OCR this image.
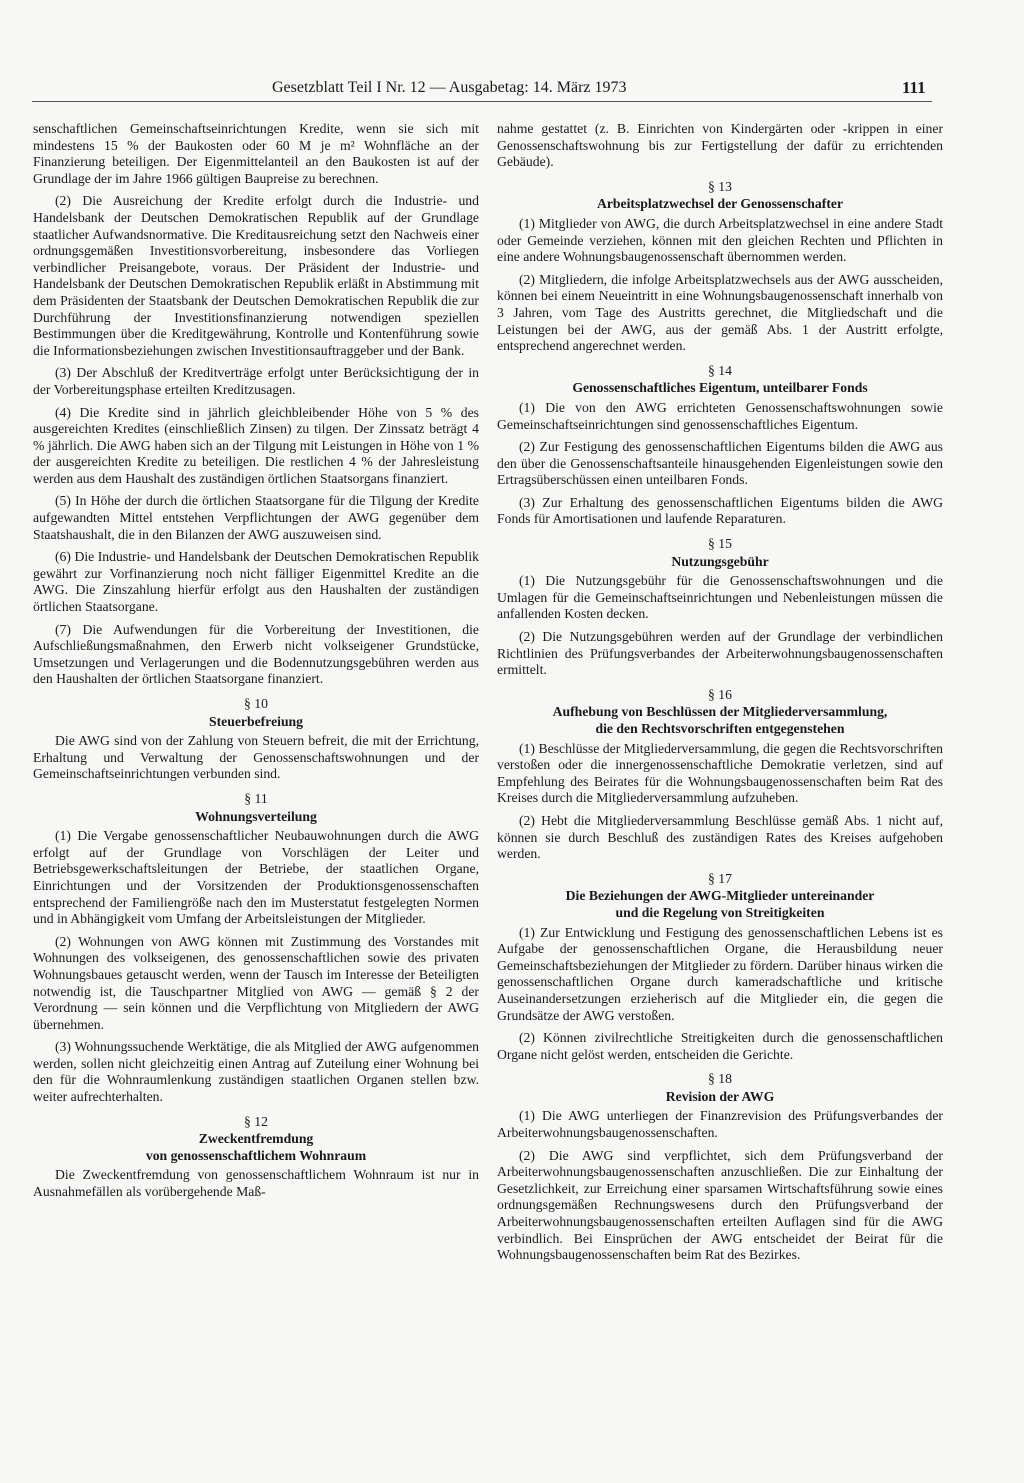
Gesetzblatt Teil I Nr. 12 — Ausgabetag: 14. März 1973	111

senschaftlichen Gemeinschaftseinrichtungen Kredite, wenn sie sich mit mindestens 15 % der Baukosten oder 60 M je m² Wohnfläche an der Finanzierung beteiligen. Der Eigenmittelanteil an den Baukosten ist auf der Grundlage der im Jahre 1966 gültigen Baupreise zu berechnen.

(2) Die Ausreichung der Kredite erfolgt durch die Industrie- und Handelsbank der Deutschen Demokratischen Republik auf der Grundlage staatlicher Aufwandsnormative. Die Kreditausreichung setzt den Nachweis einer ordnungsgemäßen Investitionsvorbereitung, insbesondere das Vorliegen verbindlicher Preisangebote, voraus. Der Präsident der Industrie- und Handelsbank der Deutschen Demokratischen Republik erläßt in Abstimmung mit dem Präsidenten der Staatsbank der Deutschen Demokratischen Republik die zur Durchführung der Investitionsfinanzierung notwendigen speziellen Bestimmungen über die Kreditgewährung, Kontrolle und Kontenführung sowie die Informationsbeziehungen zwischen Investitionsauftraggeber und der Bank.

(3) Der Abschluß der Kreditverträge erfolgt unter Berücksichtigung der in der Vorbereitungsphase erteilten Kreditzusagen.

(4) Die Kredite sind in jährlich gleichbleibender Höhe von 5 % des ausgereichten Kredites (einschließlich Zinsen) zu tilgen. Der Zinssatz beträgt 4 % jährlich. Die AWG haben sich an der Tilgung mit Leistungen in Höhe von 1 % der ausgereichten Kredite zu beteiligen. Die restlichen 4 % der Jahresleistung werden aus dem Haushalt des zuständigen örtlichen Staatsorgans finanziert.

(5) In Höhe der durch die örtlichen Staatsorgane für die Tilgung der Kredite aufgewandten Mittel entstehen Verpflichtungen der AWG gegenüber dem Staatshaushalt, die in den Bilanzen der AWG auszuweisen sind.

(6) Die Industrie- und Handelsbank der Deutschen Demokratischen Republik gewährt zur Vorfinanzierung noch nicht fälliger Eigenmittel Kredite an die AWG. Die Zinszahlung hierfür erfolgt aus den Haushalten der zuständigen örtlichen Staatsorgane.

(7) Die Aufwendungen für die Vorbereitung der Investitionen, die Aufschließungsmaßnahmen, den Erwerb nicht volkseigener Grundstücke, Umsetzungen und Verlagerungen und die Bodennutzungsgebühren werden aus den Haushalten der örtlichen Staatsorgane finanziert.

§ 10
Steuerbefreiung

Die AWG sind von der Zahlung von Steuern befreit, die mit der Errichtung, Erhaltung und Verwaltung der Genossenschaftswohnungen und der Gemeinschaftseinrichtungen verbunden sind.

§ 11
Wohnungsverteilung

(1) Die Vergabe genossenschaftlicher Neubauwohnungen durch die AWG erfolgt auf der Grundlage von Vorschlägen der Leiter und Betriebsgewerkschaftsleitungen der Betriebe, der staatlichen Organe, Einrichtungen und der Vorsitzenden der Produktionsgenossenschaften entsprechend der Familiengröße nach den im Musterstatut festgelegten Normen und in Abhängigkeit vom Umfang der Arbeitsleistungen der Mitglieder.

(2) Wohnungen von AWG können mit Zustimmung des Vorstandes mit Wohnungen des volkseigenen, des genossenschaftlichen sowie des privaten Wohnungsbaues getauscht werden, wenn der Tausch im Interesse der Beteiligten notwendig ist, die Tauschpartner Mitglied von AWG — gemäß § 2 der Verordnung — sein können und die Verpflichtung von Mitgliedern der AWG übernehmen.

(3) Wohnungssuchende Werktätige, die als Mitglied der AWG aufgenommen werden, sollen nicht gleichzeitig einen Antrag auf Zuteilung einer Wohnung bei den für die Wohnraumlenkung zuständigen staatlichen Organen stellen bzw. weiter aufrechterhalten.

§ 12
Zweckentfremdung
von genossenschaftlichem Wohnraum

Die Zweckentfremdung von genossenschaftlichem Wohnraum ist nur in Ausnahmefällen als vorübergehende Maß-

nahme gestattet (z. B. Einrichten von Kindergärten oder -krippen in einer Genossenschaftswohnung bis zur Fertigstellung der dafür zu errichtenden Gebäude).

§ 13
Arbeitsplatzwechsel der Genossenschafter

(1) Mitglieder von AWG, die durch Arbeitsplatzwechsel in eine andere Stadt oder Gemeinde verziehen, können mit den gleichen Rechten und Pflichten in eine andere Wohnungsbaugenossenschaft übernommen werden.

(2) Mitgliedern, die infolge Arbeitsplatzwechsels aus der AWG ausscheiden, können bei einem Neueintritt in eine Wohnungsbaugenossenschaft innerhalb von 3 Jahren, vom Tage des Austritts gerechnet, die Mitgliedschaft und die Leistungen bei der AWG, aus der gemäß Abs. 1 der Austritt erfolgte, entsprechend angerechnet werden.

§ 14
Genossenschaftliches Eigentum, unteilbarer Fonds

(1) Die von den AWG errichteten Genossenschaftswohnungen sowie Gemeinschaftseinrichtungen sind genossenschaftliches Eigentum.

(2) Zur Festigung des genossenschaftlichen Eigentums bilden die AWG aus den über die Genossenschaftsanteile hinausgehenden Eigenleistungen sowie den Ertragsüberschüssen einen unteilbaren Fonds.

(3) Zur Erhaltung des genossenschaftlichen Eigentums bilden die AWG Fonds für Amortisationen und laufende Reparaturen.

§ 15
Nutzungsgebühr

(1) Die Nutzungsgebühr für die Genossenschaftswohnungen und die Umlagen für die Gemeinschaftseinrichtungen und Nebenleistungen müssen die anfallenden Kosten decken.

(2) Die Nutzungsgebühren werden auf der Grundlage der verbindlichen Richtlinien des Prüfungsverbandes der Arbeiterwohnungsbaugenossenschaften ermittelt.

§ 16
Aufhebung von Beschlüssen der Mitgliederversammlung,
die den Rechtsvorschriften entgegenstehen

(1) Beschlüsse der Mitgliederversammlung, die gegen die Rechtsvorschriften verstoßen oder die innergenossenschaftliche Demokratie verletzen, sind auf Empfehlung des Beirates für die Wohnungsbaugenossenschaften beim Rat des Kreises durch die Mitgliederversammlung aufzuheben.

(2) Hebt die Mitgliederversammlung Beschlüsse gemäß Abs. 1 nicht auf, können sie durch Beschluß des zuständigen Rates des Kreises aufgehoben werden.

§ 17
Die Beziehungen der AWG-Mitglieder untereinander
und die Regelung von Streitigkeiten

(1) Zur Entwicklung und Festigung des genossenschaftlichen Lebens ist es Aufgabe der genossenschaftlichen Organe, die Herausbildung neuer Gemeinschaftsbeziehungen der Mitglieder zu fördern. Darüber hinaus wirken die genossenschaftlichen Organe durch kameradschaftliche und kritische Auseinandersetzungen erzieherisch auf die Mitglieder ein, die gegen die Grundsätze der AWG verstoßen.

(2) Können zivilrechtliche Streitigkeiten durch die genossenschaftlichen Organe nicht gelöst werden, entscheiden die Gerichte.

§ 18
Revision der AWG

(1) Die AWG unterliegen der Finanzrevision des Prüfungsverbandes der Arbeiterwohnungsbaugenossenschaften.

(2) Die AWG sind verpflichtet, sich dem Prüfungsverband der Arbeiterwohnungsbaugenossenschaften anzuschließen. Die zur Einhaltung der Gesetzlichkeit, zur Erreichung einer sparsamen Wirtschaftsführung sowie eines ordnungsgemäßen Rechnungswesens durch den Prüfungsverband der Arbeiterwohnungsbaugenossenschaften erteilten Auflagen sind für die AWG verbindlich. Bei Einsprüchen der AWG entscheidet der Beirat für die Wohnungsbaugenossenschaften beim Rat des Bezirkes.
